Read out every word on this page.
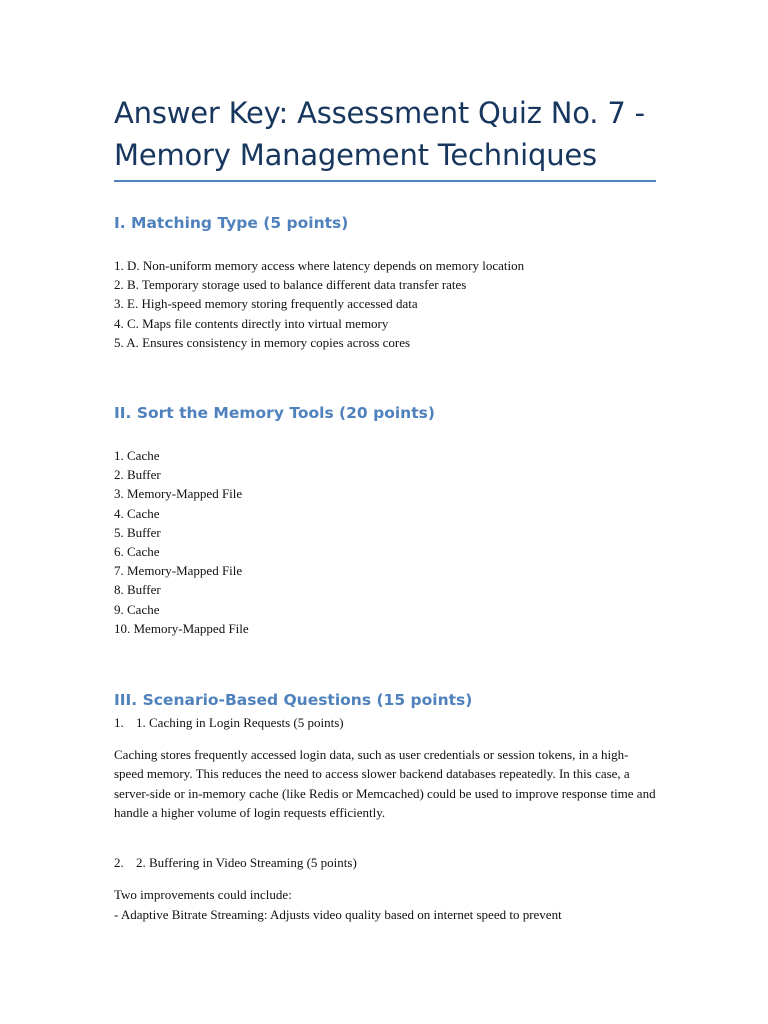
Answer Key: Assessment Quiz No. 7 - Memory Management Techniques
I. Matching Type (5 points)
1. D. Non-uniform memory access where latency depends on memory location
2. B. Temporary storage used to balance different data transfer rates
3. E. High-speed memory storing frequently accessed data
4. C. Maps file contents directly into virtual memory
5. A. Ensures consistency in memory copies across cores
II. Sort the Memory Tools (20 points)
1. Cache
2. Buffer
3. Memory-Mapped File
4. Cache
5. Buffer
6. Cache
7. Memory-Mapped File
8. Buffer
9. Cache
10. Memory-Mapped File
III. Scenario-Based Questions (15 points)
1. 1. Caching in Login Requests (5 points)

Caching stores frequently accessed login data, such as user credentials or session tokens, in a high-speed memory. This reduces the need to access slower backend databases repeatedly. In this case, a server-side or in-memory cache (like Redis or Memcached) could be used to improve response time and handle a higher volume of login requests efficiently.

2. 2. Buffering in Video Streaming (5 points)
Two improvements could include:
- Adaptive Bitrate Streaming: Adjusts video quality based on internet speed to prevent
